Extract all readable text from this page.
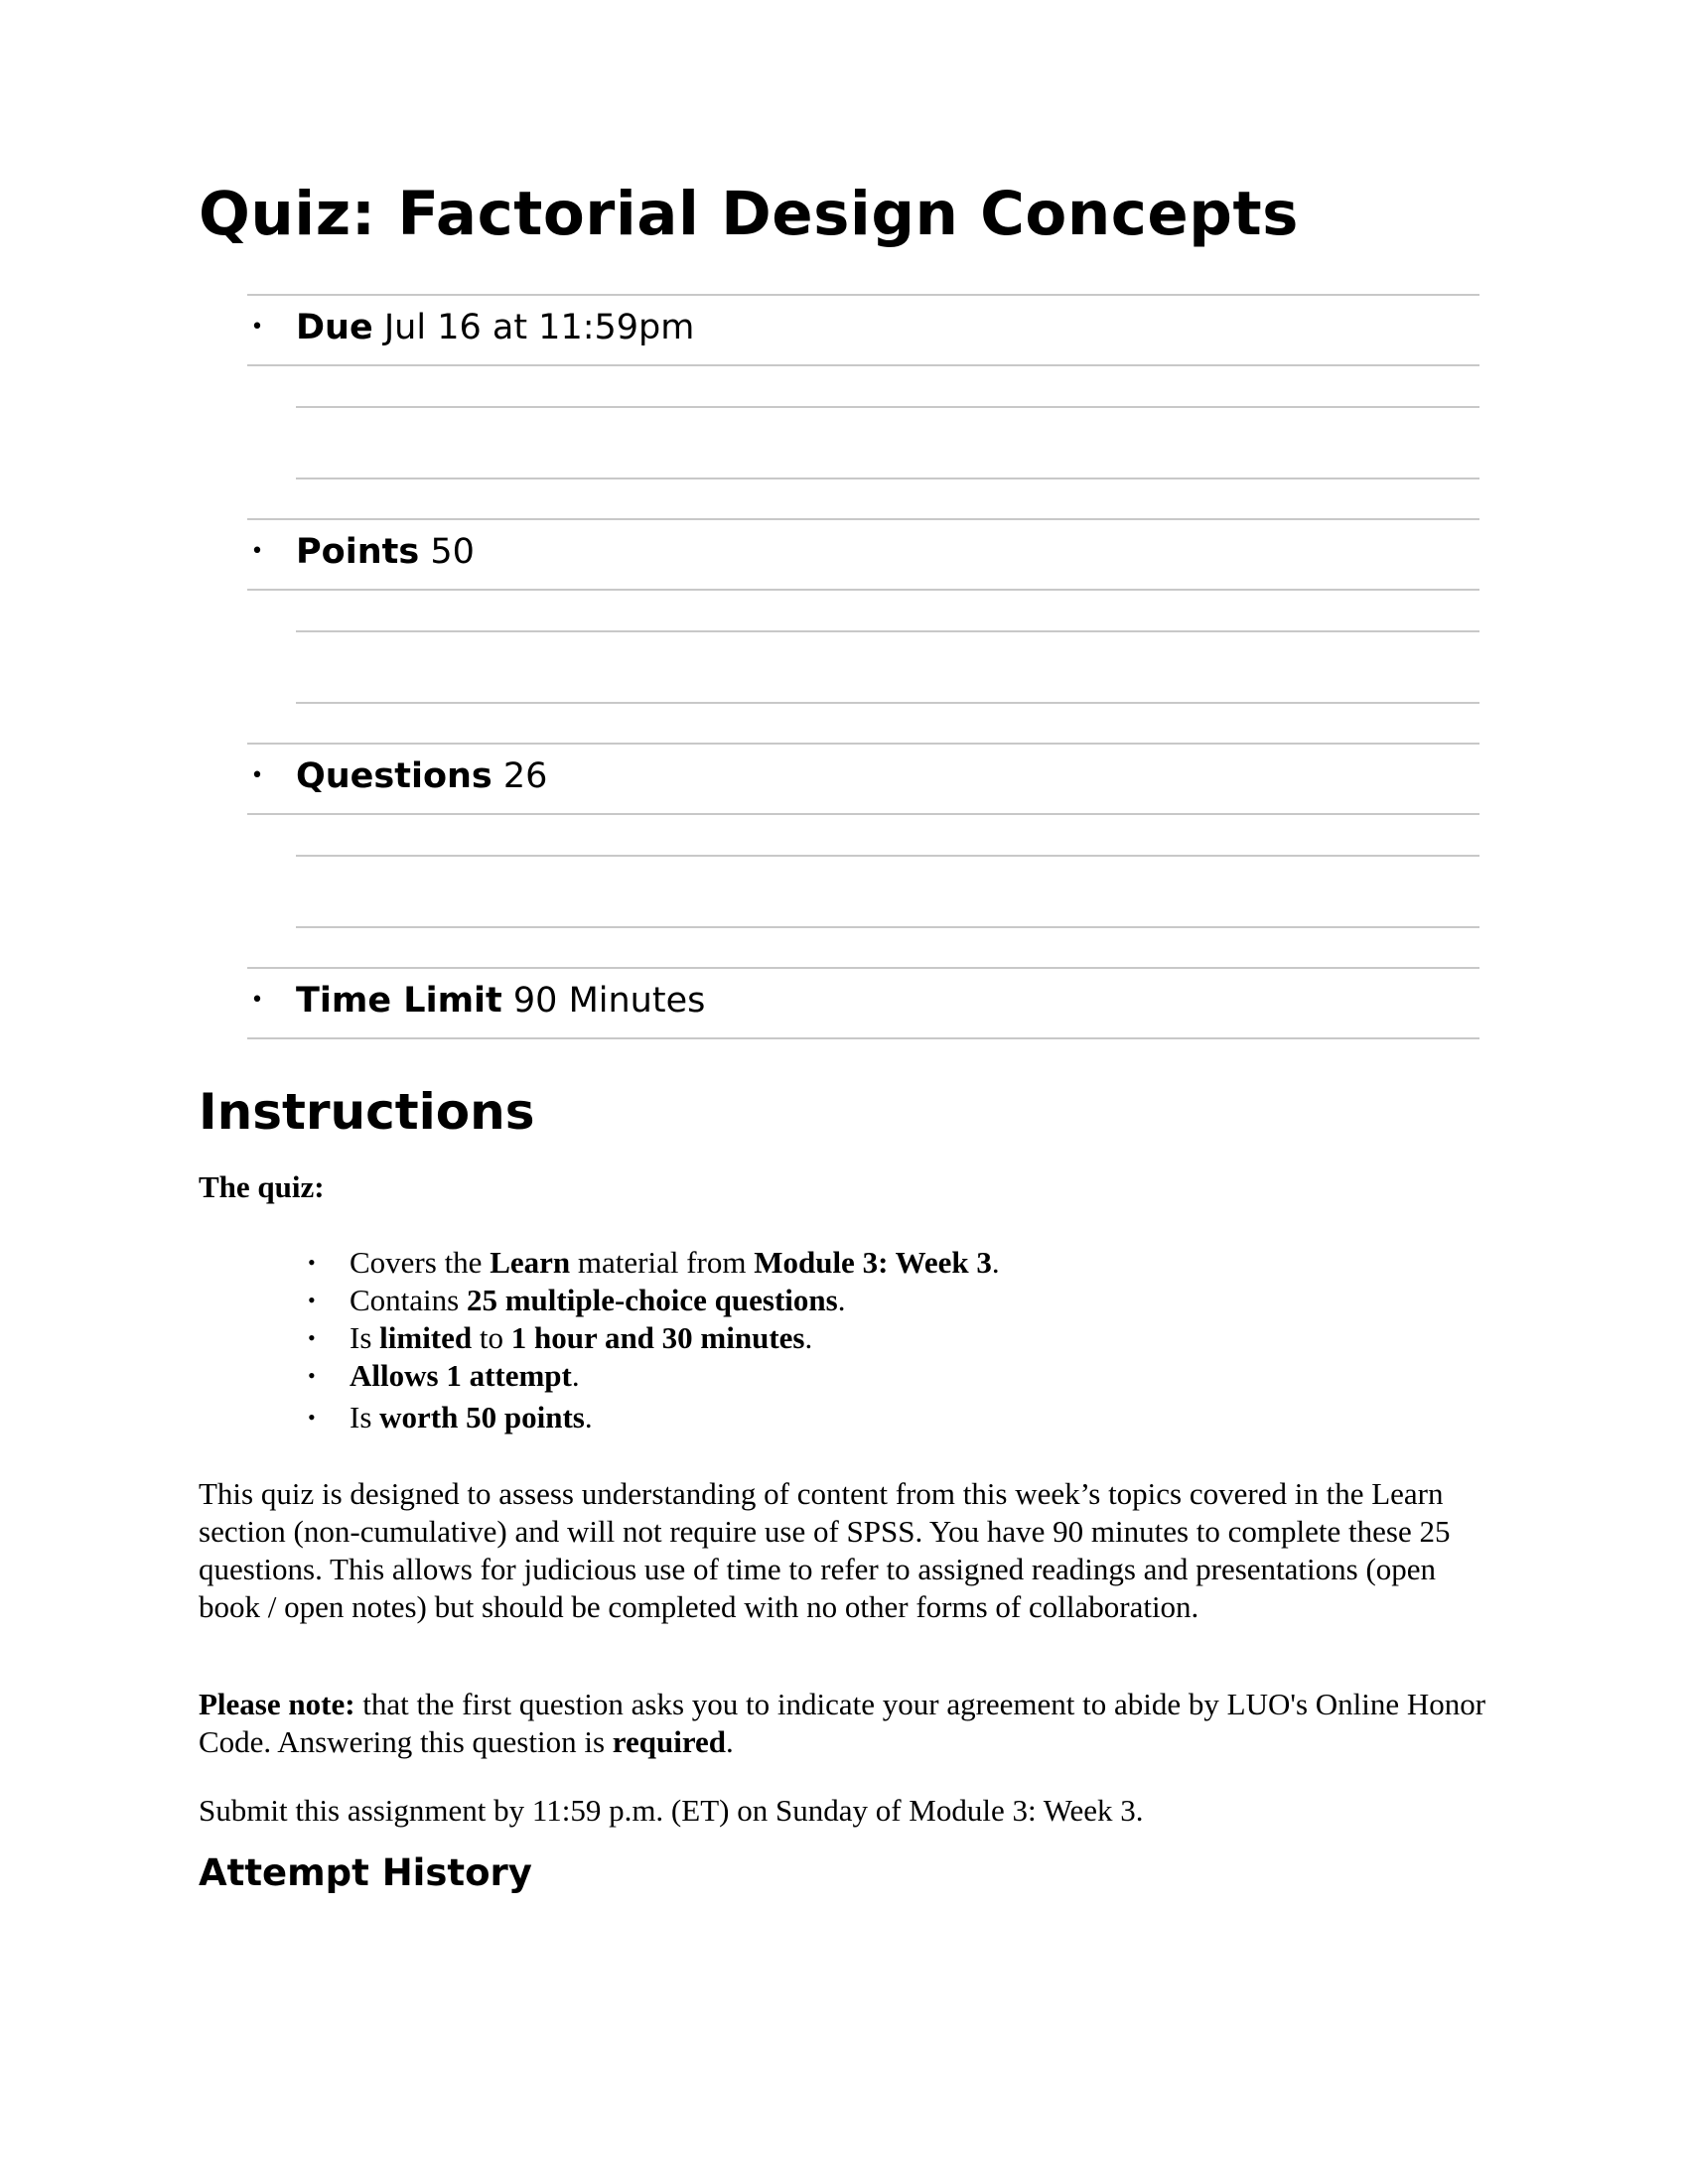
Quiz: Factorial Design Concepts
• Due Jul 16 at 11:59pm
• Points 50
• Questions 26
• Time Limit 90 Minutes
Instructions
The quiz:
• Covers the Learn material from Module 3: Week 3.
• Contains 25 multiple-choice questions.
• Is limited to 1 hour and 30 minutes.
• Allows 1 attempt.
• Is worth 50 points.

This quiz is designed to assess understanding of content from this week’s topics covered in the Learn section (non-cumulative) and will not require use of SPSS. You have 90 minutes to complete these 25 questions. This allows for judicious use of time to refer to assigned readings and presentations (open book / open notes) but should be completed with no other forms of collaboration.

Please note: that the first question asks you to indicate your agreement to abide by LUO's Online Honor Code. Answering this question is required.

Submit this assignment by 11:59 p.m. (ET) on Sunday of Module 3: Week 3.

Attempt History
